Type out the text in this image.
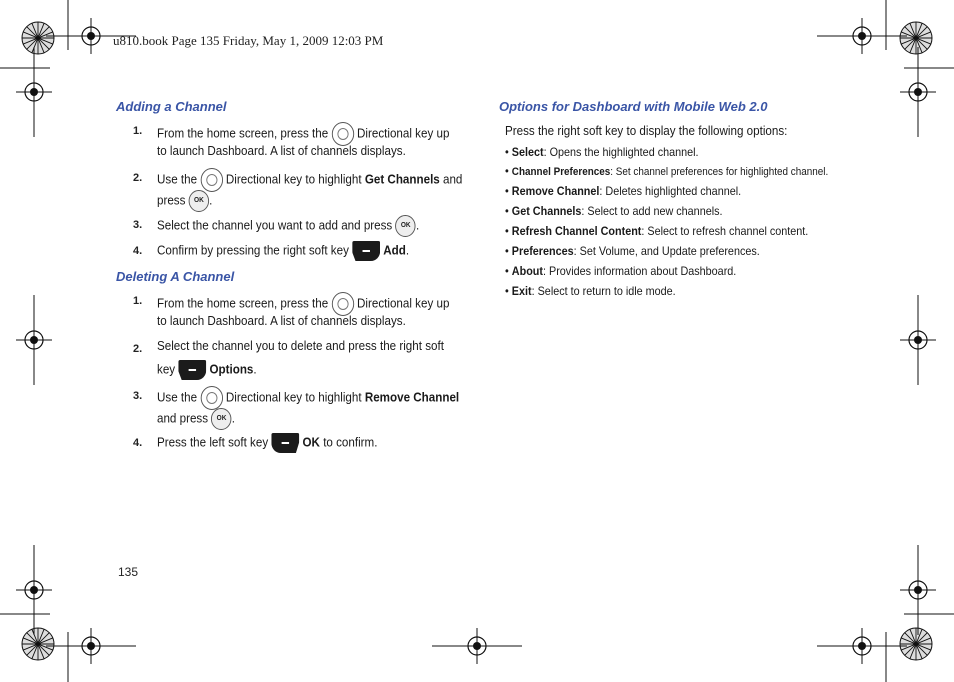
u810.book Page 135 Friday, May 1, 2009 12:03 PM
Adding a Channel
1. From the home screen, press the Directional key up
to launch Dashboard. A list of channels displays.
2. Use the Directional key to highlight Get Channels and
press OK .
3. Select the channel you want to add and press OK .
4. Confirm by pressing the right soft key	Add.
Deleting A Channel
1. From the home screen, press the Directional key up
to launch Dashboard. A list of channels displays.
2. Select the channel you to delete and press the right soft
key	Options.
3. Use the Directional key to highlight Remove Channel
and press OK .
4. Press the left soft key	OK to confirm.
Options for Dashboard with Mobile Web 2.0
Press the right soft key to display the following options:
• Select: Opens the highlighted channel.
• Channel Preferences: Set channel preferences for highlighted channel.
• Remove Channel: Deletes highlighted channel.
• Get Channels: Select to add new channels.
• Refresh Channel Content: Select to refresh channel content.
• Preferences: Set Volume, and Update preferences.
• About: Provides information about Dashboard.
• Exit: Select to return to idle mode.
135
